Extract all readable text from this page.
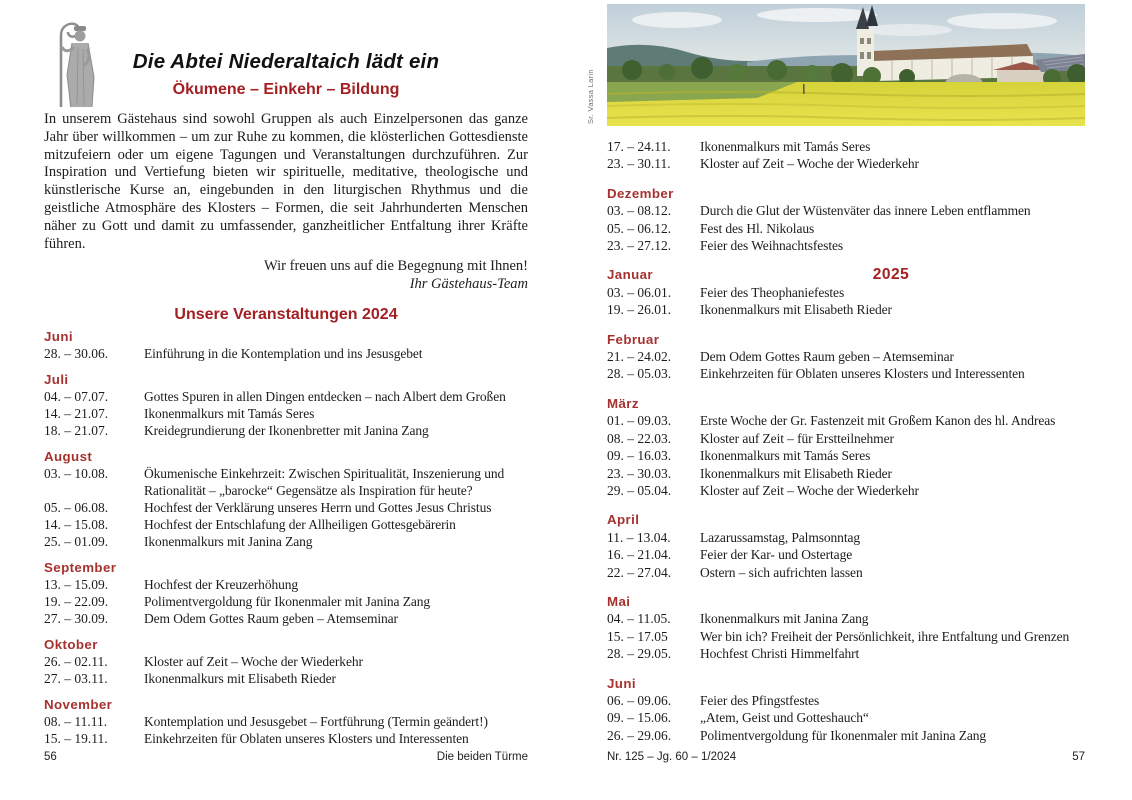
Die Abtei Niederaltaich lädt ein
Ökumene – Einkehr – Bildung

In unserem Gästehaus sind sowohl Gruppen als auch Einzelpersonen das ganze Jahr über willkommen – um zur Ruhe zu kommen, die klösterlichen Gottesdienste mitzufeiern oder um eigene Tagungen und Veranstaltungen durchzuführen. Zur Inspiration und Vertiefung bieten wir spirituelle, meditative, theologische und künstlerische Kurse an, eingebunden in den liturgischen Rhythmus und die geistliche Atmosphäre des Klosters – Formen, die seit Jahrhunderten Menschen näher zu Gott und damit zu umfassender, ganzheitlicher Entfaltung ihrer Kräfte führen.

Wir freuen uns auf die Begegnung mit Ihnen!

Ihr Gästehaus-Team

Unsere Veranstaltungen 2024
Juni
28. – 30.06.	Einführung in die Kontemplation und ins Jesusgebet
Juli
04. – 07.07.	Gottes Spuren in allen Dingen entdecken – nach Albert dem Großen
14. – 21.07.	Ikonenmalkurs mit Tamás Seres
18. – 21.07.	Kreidegrundierung der Ikonenbretter mit Janina Zang
August
03. – 10.08.	Ökumenische Einkehrzeit: Zwischen Spiritualität, Inszenierung und Rationalität – „barocke“ Gegensätze als Inspiration für heute?
05. – 06.08.	Hochfest der Verklärung unseres Herrn und Gottes Jesus Christus
14. – 15.08.	Hochfest der Entschlafung der Allheiligen Gottesgebärerin
25. – 01.09.	Ikonenmalkurs mit Janina Zang
September
13. – 15.09.	Hochfest der Kreuzerhöhung
19. – 22.09.	Polimentvergoldung für Ikonenmaler mit Janina Zang
27. – 30.09.	Dem Odem Gottes Raum geben – Atemseminar
Oktober
26. – 02.11.	Kloster auf Zeit – Woche der Wiederkehr
27. – 03.11.	Ikonenmalkurs mit Elisabeth Rieder
November
08. – 11.11.	Kontemplation und Jesusgebet – Fortführung (Termin geändert!)
15. – 19.11.	Einkehrzeiten für Oblaten unseres Klosters und Interessenten
Sr. Vassa Larin
17. – 24.11.	Ikonenmalkurs mit Tamás Seres
23. – 30.11.	Kloster auf Zeit – Woche der Wiederkehr
Dezember
03. – 08.12.	Durch die Glut der Wüstenväter das innere Leben entflammen
05. – 06.12.	Fest des Hl. Nikolaus
23. – 27.12.	Feier des Weihnachtsfestes
Januar	2025
03. – 06.01.	Feier des Theophaniefestes
19. – 26.01.	Ikonenmalkurs mit Elisabeth Rieder
Februar
21. – 24.02.	Dem Odem Gottes Raum geben – Atemseminar
28. – 05.03.	Einkehrzeiten für Oblaten unseres Klosters und Interessenten
März
01. – 09.03.	Erste Woche der Gr. Fastenzeit mit Großem Kanon des hl. Andreas
08. – 22.03.	Kloster auf Zeit – für Erstteilnehmer
09. – 16.03.	Ikonenmalkurs mit Tamás Seres
23. – 30.03.	Ikonenmalkurs mit Elisabeth Rieder
29. – 05.04.	Kloster auf Zeit – Woche der Wiederkehr
April
11. – 13.04.	Lazarussamstag, Palmsonntag
16. – 21.04.	Feier der Kar- und Ostertage
22. – 27.04.	Ostern – sich aufrichten lassen
Mai
04. – 11.05.	Ikonenmalkurs mit Janina Zang
15. – 17.05	Wer bin ich? Freiheit der Persönlichkeit, ihre Entfaltung und Grenzen
28. – 29.05.	Hochfest Christi Himmelfahrt
Juni
06. – 09.06.	Feier des Pfingstfestes
09. – 15.06.	„Atem, Geist und Gotteshauch“
26. – 29.06.	Polimentvergoldung für Ikonenmaler mit Janina Zang
56	Die beiden Türme	Nr. 125 – Jg. 60 – 1/2024	57
